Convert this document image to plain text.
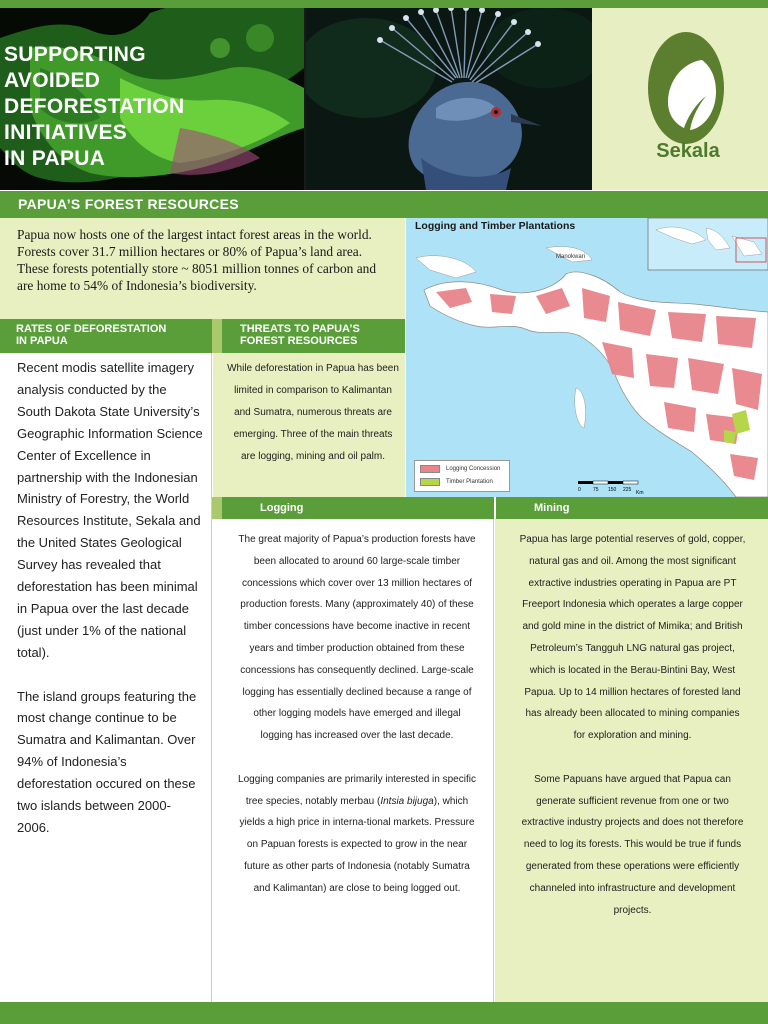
SUPPORTING
AVOIDED
DEFORESTATION
INITIATIVES
IN PAPUA	Sekala
PAPUA’S FOREST RESOURCES

Papua now hosts one of the largest intact forest areas in the world. Forests cover 31.7 million hectares or 80% of Papua’s land area. These forests potentially store ~ 8051 million tonnes of carbon and are home to 54% of Indonesia’s biodiversity.

Manokwari
Logging and Timber Plantations
Logging Concession
Timber Plantation
0 75 150 225 Km
RATES OF DEFORESTATION
IN PAPUA
THREATS TO PAPUA’S
FOREST RESOURCES

Recent modis satellite imagery analysis conducted by the South Dakota State University’s Geographic Information Science Center of Excellence in partnership with the Indonesian Ministry of Forestry, the World Resources Institute, Sekala and the United States Geological Survey has revealed that deforestation has been minimal in Papua over the last decade (just under 1% of the national total).

The island groups featuring the most change continue to be Sumatra and Kalimantan. Over 94% of Indonesia’s deforestation occured on these two islands between 2000-2006.

While deforestation in Papua has been limited in comparison to Kalimantan and Sumatra, numerous threats are emerging. Three of the main threats are logging, mining and oil palm.

Logging	Mining

The great majority of Papua’s production forests have been allocated to around 60 large-scale timber concessions which cover over 13 million hectares of production forests. Many (approximately 40) of these timber concessions have become inactive in recent years and timber production obtained from these concessions has consequently declined. Large-scale logging has essentially declined because a range of other logging models have emerged and illegal logging has increased over the last decade.

Logging companies are primarily interested in specific tree species, notably merbau (Intsia bijuga), which yields a high price in interna-tional markets. Pressure on Papuan forests is expected to grow in the near future as other parts of Indonesia (notably Sumatra and Kalimantan) are close to being logged out.

Papua has large potential reserves of gold, copper, natural gas and oil. Among the most significant extractive industries operating in Papua are PT Freeport Indonesia which operates a large copper and gold mine in the district of Mimika; and British Petroleum’s Tangguh LNG natural gas project, which is located in the Berau-Bintini Bay, West Papua. Up to 14 million hectares of forested land has already been allocated to mining companies for exploration and mining.

Some Papuans have argued that Papua can generate sufficient revenue from one or two extractive industry projects and does not therefore need to log its forests. This would be true if funds generated from these operations were efficiently channeled into infrastructure and development projects.
